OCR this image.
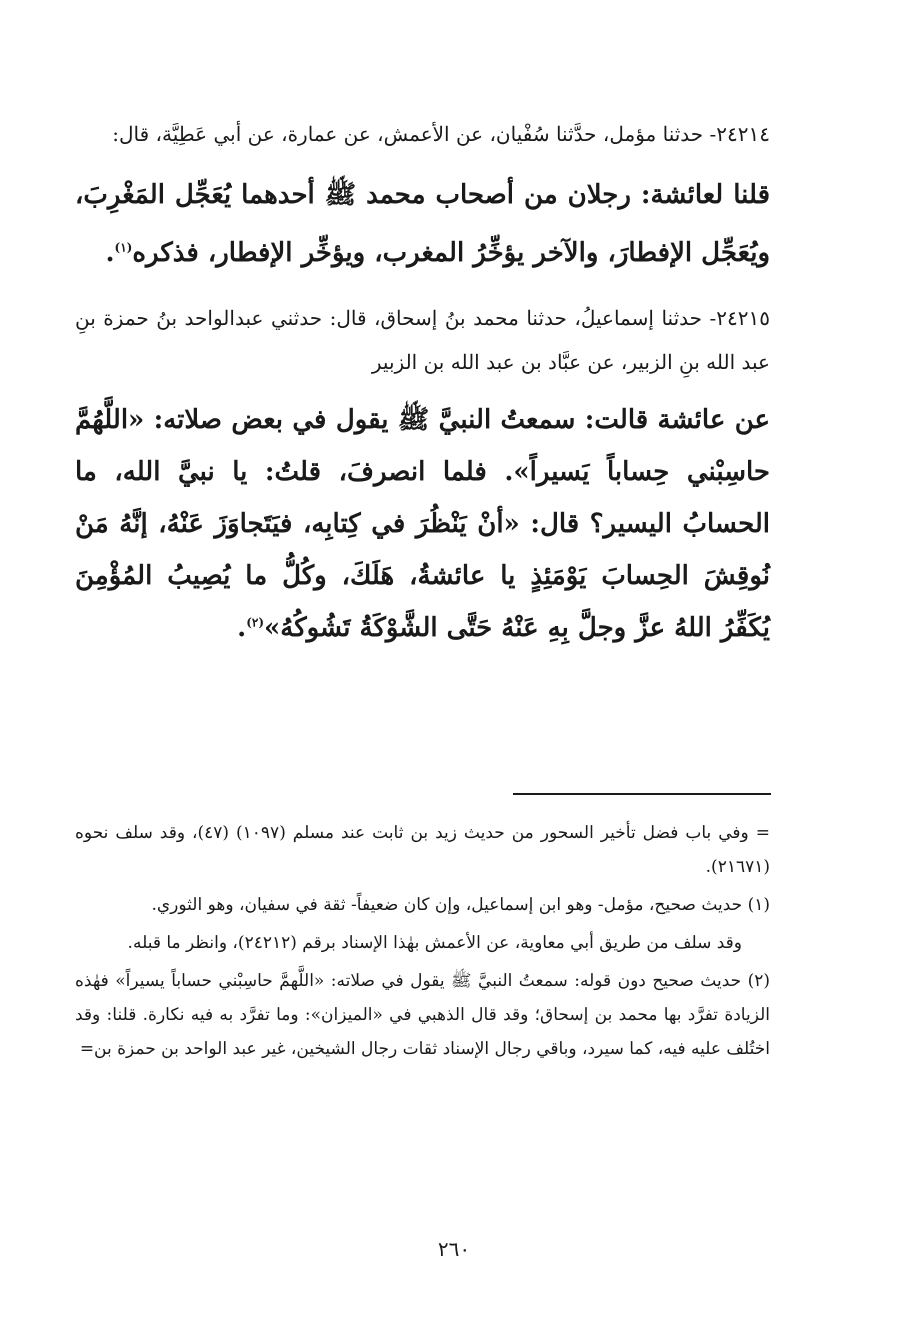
٢٤٢١٤- حدثنا مؤمل، حدَّثنا سُفْيان، عن الأعمش، عن عمارة، عن أبي عَطِيَّة، قال:

قلنا لعائشة: رجلان من أصحاب محمد ﷺ أحدهما يُعَجِّل المَغْرِبَ، ويُعَجِّل الإفطارَ، والآخر يؤخِّرُ المغرب، ويؤخِّر الإفطار، فذكره$^{(١)}$.

٢٤٢١٥- حدثنا إسماعيلُ، حدثنا محمد بنُ إسحاق، قال: حدثني عبدالواحد بنُ حمزة بنِ عبد الله بنِ الزبير، عن عبَّاد بن عبد الله بن الزبير

عن عائشة قالت: سمعتُ النبيَّ ﷺ يقول في بعض صلاته: «اللَّهُمَّ حاسِبْني حِساباً يَسيراً». فلما انصرفَ، قلتُ: يا نبيَّ الله، ما الحسابُ اليسير؟ قال: «أنْ يَنْظُرَ في كِتابِه، فيَتَجاوَزَ عَنْهُ، إنَّهُ مَنْ نُوقِشَ الحِسابَ يَوْمَئِذٍ يا عائشةُ، هَلَكَ، وكُلُّ ما يُصِيبُ المُؤْمِنَ يُكَفِّرُ اللهُ عزَّ وجلَّ بِهِ عَنْهُ حَتَّى الشَّوْكَةُ تَشُوكُهُ»$^{(٢)}$.

= وفي باب فضل تأخير السحور من حديث زيد بن ثابت عند مسلم (١٠٩٧) (٤٧)، وقد سلف نحوه (٢١٦٧١).

(١) حديث صحيح، مؤمل- وهو ابن إسماعيل، وإن كان ضعيفاً- ثقة في سفيان، وهو الثوري.

وقد سلف من طريق أبي معاوية، عن الأعمش بهٰذا الإسناد برقم (٢٤٢١٢)، وانظر ما قبله.

(٢) حديث صحيح دون قوله: سمعتُ النبيَّ ﷺ يقول في صلاته: «اللَّهمَّ حاسِبْني حساباً يسيراً» فهٰذه الزيادة تفرَّد بها محمد بن إسحاق؛ وقد قال الذهبي في «الميزان»: وما تفرَّد به فيه نكارة. قلنا: وقد اختُلف عليه فيه، كما سيرد، وباقي رجال الإسناد ثقات رجال الشيخين، غير عبد الواحد بن حمزة بن=

٢٦٠
